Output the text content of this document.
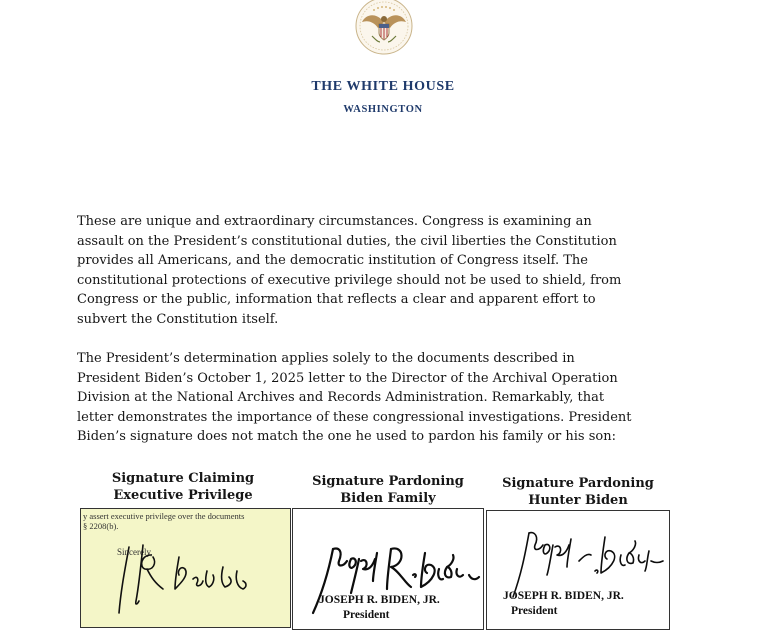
THE WHITE HOUSE
WASHINGTON
These are unique and extraordinary circumstances. Congress is examining an
assault on the President’s constitutional duties, the civil liberties the Constitution
provides all Americans, and the democratic institution of Congress itself. The
constitutional protections of executive privilege should not be used to shield, from
Congress or the public, information that reflects a clear and apparent effort to
subvert the Constitution itself.
The President’s determination applies solely to the documents described in
President Biden’s October 1, 2025 letter to the Director of the Archival Operation
Division at the National Archives and Records Administration. Remarkably, that
letter demonstrates the importance of these congressional investigations. President
Biden’s signature does not match the one he used to pardon his family or his son:
Signature Claiming
Executive Privilege
Signature Pardoning
Biden Family
Signature Pardoning
Hunter Biden
y assert executive privilege over the documents
§ 2208(b).
Sincerely,
JOSEPH R. BIDEN, JR.
President
JOSEPH R. BIDEN, JR.
President
